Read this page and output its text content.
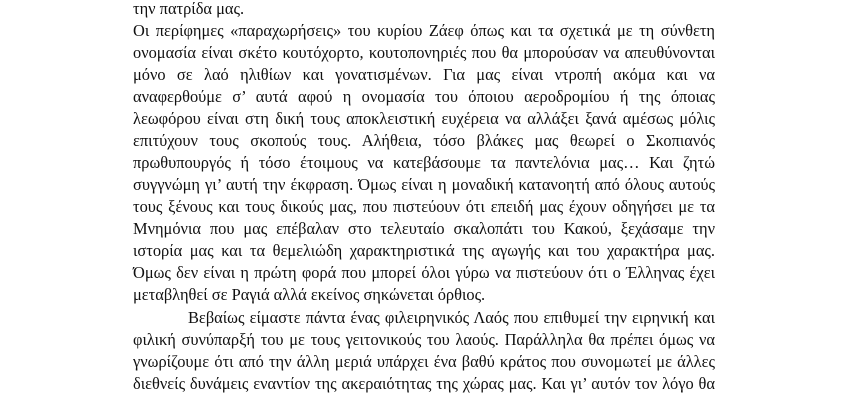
την πατρίδα μας.
Οι περίφημες «παραχωρήσεις» του κυρίου Ζάεφ όπως και τα σχετικά με τη σύνθετη
ονομασία είναι σκέτο κουτόχορτο, κουτοπονηριές που θα μπορούσαν να απευθύνονται
μόνο σε λαό ηλιθίων και γονατισμένων. Για μας είναι ντροπή ακόμα και να
αναφερθούμε σ’ αυτά αφού η ονομασία του όποιου αεροδρομίου ή της όποιας
λεωφόρου είναι στη δική τους αποκλειστική ευχέρεια να αλλάξει ξανά αμέσως μόλις
επιτύχουν τους σκοπούς τους. Αλήθεια, τόσο βλάκες μας θεωρεί ο Σκοπιανός
πρωθυπουργός ή τόσο έτοιμους να κατεβάσουμε τα παντελόνια μας… Και ζητώ
συγγνώμη γι’ αυτή την έκφραση. Όμως είναι η μοναδική κατανοητή από όλους αυτούς
τους ξένους και τους δικούς μας, που πιστεύουν ότι επειδή μας έχουν οδηγήσει με τα
Μνημόνια που μας επέβαλαν στο τελευταίο σκαλοπάτι του Κακού, ξεχάσαμε την
ιστορία μας και τα θεμελιώδη χαρακτηριστικά της αγωγής και του χαρακτήρα μας.
Όμως δεν είναι η πρώτη φορά που μπορεί όλοι γύρω να πιστεύουν ότι ο Έλληνας έχει
μεταβληθεί σε Ραγιά αλλά εκείνος σηκώνεται όρθιος.
Βεβαίως είμαστε πάντα ένας φιλειρηνικός Λαός που επιθυμεί την ειρηνική και
φιλική συνύπαρξή του με τους γειτονικούς του λαούς. Παράλληλα θα πρέπει όμως να
γνωρίζουμε ότι από την άλλη μεριά υπάρχει ένα βαθύ κράτος που συνομωτεί με άλλες
διεθνείς δυνάμεις εναντίον της ακεραιότητας της χώρας μας. Και γι’ αυτόν τον λόγο θα
